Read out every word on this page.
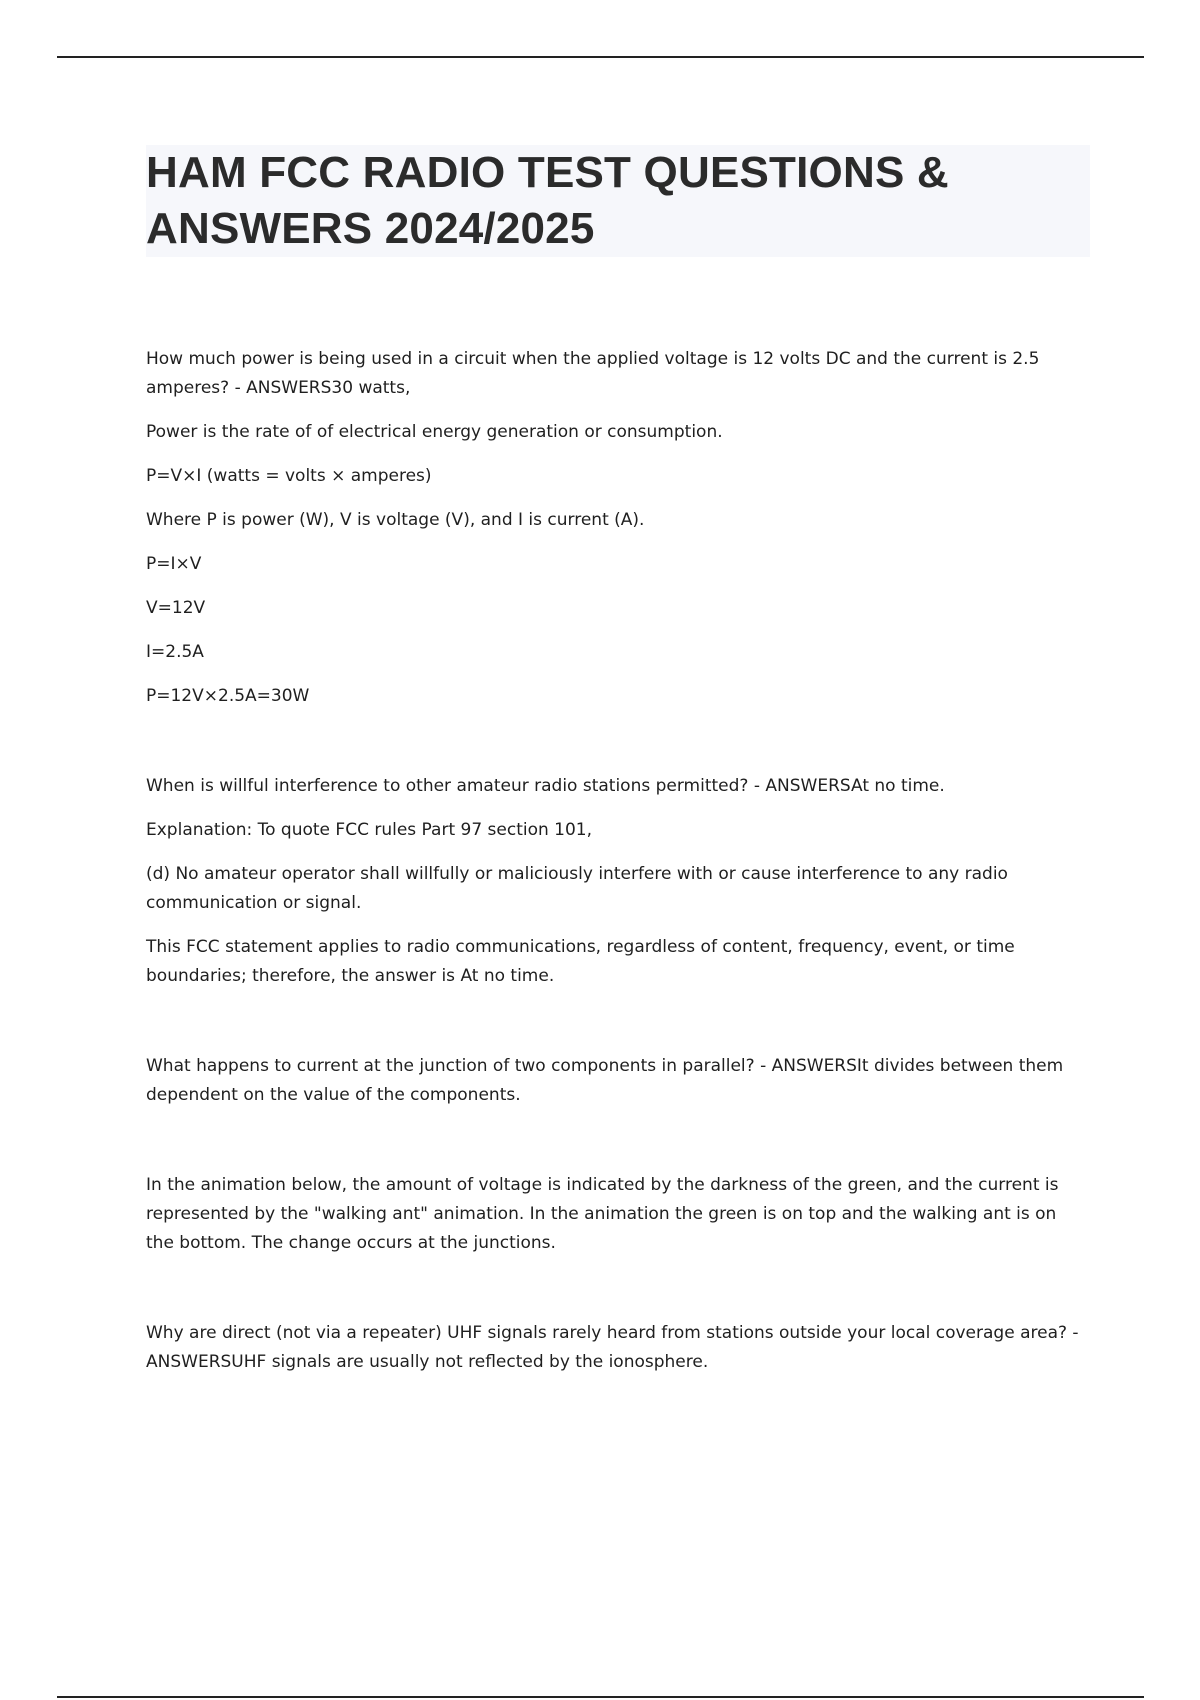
HAM FCC RADIO TEST QUESTIONS &
ANSWERS 2024/2025

How much power is being used in a circuit when the applied voltage is 12 volts DC and the current is 2.5 amperes? - ANSWERS30 watts,

Power is the rate of of electrical energy generation or consumption.

P=V×I (watts = volts × amperes)

Where P is power (W), V is voltage (V), and I is current (A).

P=I×V

V=12V

I=2.5A

P=12V×2.5A=30W

When is willful interference to other amateur radio stations permitted? - ANSWERSAt no time.

Explanation: To quote FCC rules Part 97 section 101,

(d) No amateur operator shall willfully or maliciously interfere with or cause interference to any radio communication or signal.

This FCC statement applies to radio communications, regardless of content, frequency, event, or time boundaries; therefore, the answer is At no time.

What happens to current at the junction of two components in parallel? - ANSWERSIt divides between them dependent on the value of the components.

In the animation below, the amount of voltage is indicated by the darkness of the green, and the current is represented by the "walking ant" animation. In the animation the green is on top and the walking ant is on the bottom. The change occurs at the junctions.

Why are direct (not via a repeater) UHF signals rarely heard from stations outside your local coverage area? - ANSWERSUHF signals are usually not reflected by the ionosphere.
